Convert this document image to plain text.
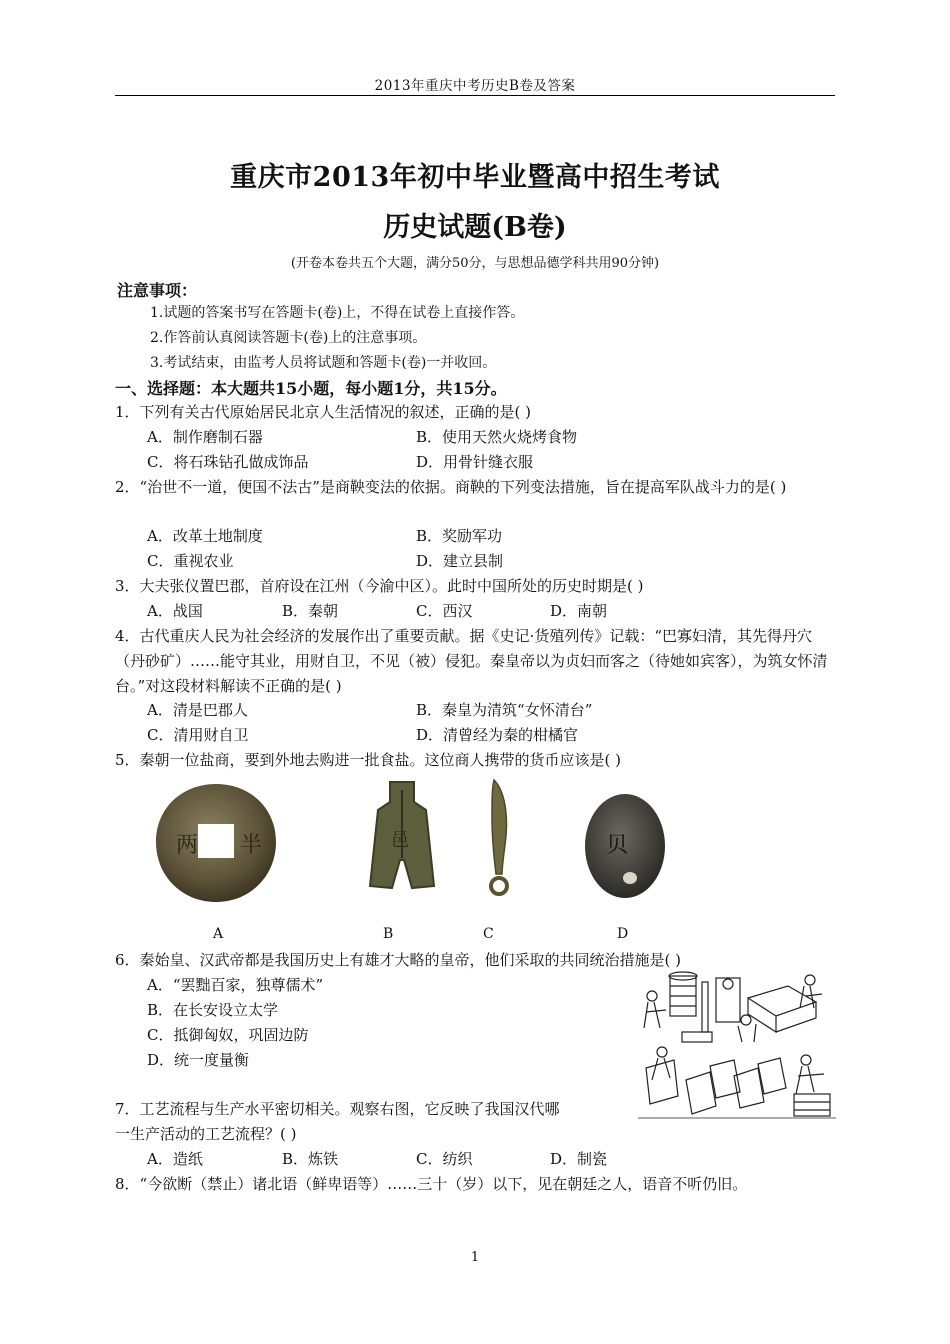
2013年重庆中考历史B卷及答案
重庆市2013年初中毕业暨高中招生考试
历史试题(B卷)
(开卷本卷共五个大题，满分50分，与思想品德学科共用90分钟)
注意事项：
1.试题的答案书写在答题卡(卷)上，不得在试卷上直接作答。
2.作答前认真阅读答题卡(卷)上的注意事项。
3.考试结束，由监考人员将试题和答题卡(卷)一并收回。
一、选择题：本大题共15小题，每小题1分，共15分。
1．下列有关古代原始居民北京人生活情况的叙述，正确的是( )
A．制作磨制石器	B．使用天然火烧烤食物
C．将石珠钻孔做成饰品	D．用骨针缝衣服
2．“治世不一道，便国不法古”是商鞅变法的依据。商鞅的下列变法措施，旨在提高军队战斗力的是( )
A．改革土地制度	B．奖励军功
C．重视农业	D．建立县制
3．大夫张仪置巴郡，首府设在江州（今渝中区）。此时中国所处的历史时期是( )
A．战国	B．秦朝	C．西汉	D．南朝
4．古代重庆人民为社会经济的发展作出了重要贡献。据《史记·货殖列传》记载：“巴寡妇清，其先得丹穴（丹砂矿）……能守其业，用财自卫，不见（被）侵犯。秦皇帝以为贞妇而客之（待她如宾客），为筑女怀清台。”对这段材料解读不正确的是( )
A．清是巴郡人	B．秦皇为清筑“女怀清台”
C．清用财自卫	D．清曾经为秦的柑橘官
5．秦朝一位盐商，要到外地去购进一批食盐。这位商人携带的货币应该是( )
两 半	邑	贝
A	B	C	D
6．秦始皇、汉武帝都是我国历史上有雄才大略的皇帝，他们采取的共同统治措施是( )
A．“罢黜百家，独尊儒术”
B．在长安设立太学
C．抵御匈奴，巩固边防
D．统一度量衡
7．工艺流程与生产水平密切相关。观察右图，它反映了我国汉代哪
一生产活动的工艺流程？( )
A．造纸	B．炼铁	C．纺织	D．制瓷
8．“今欲断（禁止）诸北语（鲜卑语等）……三十（岁）以下，见在朝廷之人，语音不听仍旧。
1
